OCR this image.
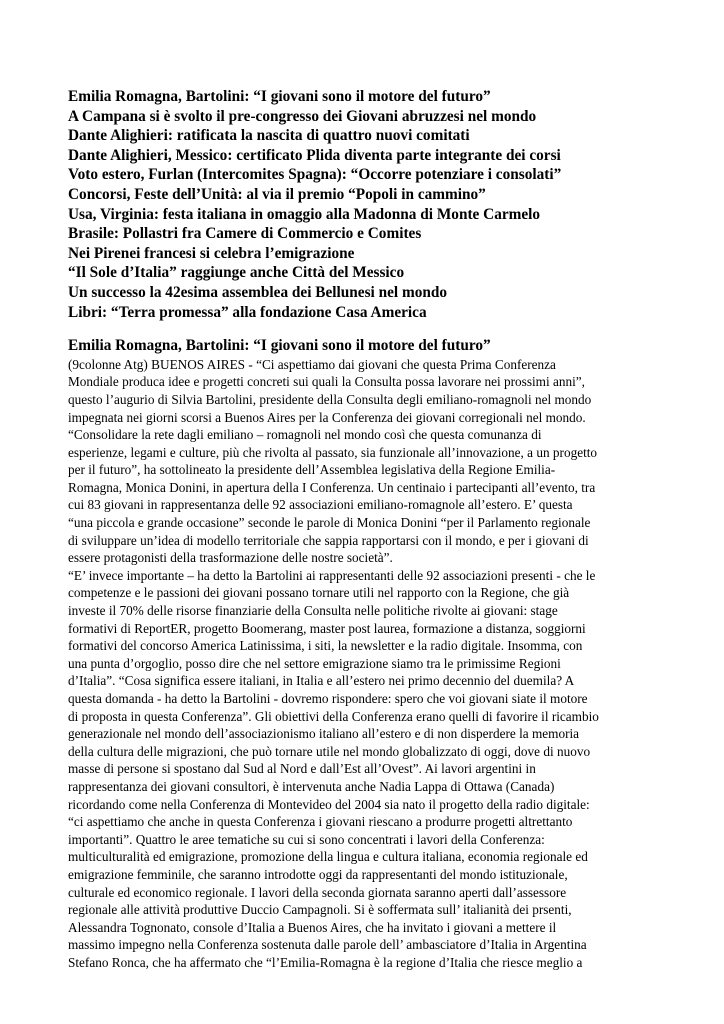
Emilia Romagna, Bartolini: “I giovani sono il motore del futuro”
A Campana si è svolto il pre-congresso dei Giovani abruzzesi nel mondo
Dante Alighieri: ratificata la nascita di quattro nuovi comitati
Dante Alighieri, Messico: certificato Plida diventa parte integrante dei corsi
Voto estero, Furlan (Intercomites Spagna): “Occorre potenziare i consolati”
Concorsi, Feste dell’Unità: al via il premio “Popoli in cammino”
Usa, Virginia: festa italiana in omaggio alla Madonna di Monte Carmelo
Brasile: Pollastri fra Camere di Commercio e Comites
Nei Pirenei francesi si celebra l’emigrazione
“Il Sole d’Italia” raggiunge anche Città del Messico
Un successo la 42esima assemblea dei Bellunesi nel mondo
Libri: “Terra promessa” alla fondazione Casa America
Emilia Romagna, Bartolini: “I giovani sono il motore del futuro”

(9colonne Atg) BUENOS AIRES - “Ci aspettiamo dai giovani che questa Prima Conferenza
Mondiale produca idee e progetti concreti sui quali la Consulta possa lavorare nei prossimi anni”,
questo l’augurio di Silvia Bartolini, presidente della Consulta degli emiliano-romagnoli nel mondo
impegnata nei giorni scorsi a Buenos Aires per la Conferenza dei giovani corregionali nel mondo.
“Consolidare la rete dagli emiliano – romagnoli nel mondo così che questa comunanza di
esperienze, legami e culture, più che rivolta al passato, sia funzionale all’innovazione, a un progetto
per il futuro”, ha sottolineato la presidente dell’Assemblea legislativa della Regione Emilia-
Romagna, Monica Donini, in apertura della I Conferenza. Un centinaio i partecipanti all’evento, tra
cui 83 giovani in rappresentanza delle 92 associazioni emiliano-romagnole all’estero. E’ questa
“una piccola e grande occasione” seconde le parole di Monica Donini “per il Parlamento regionale
di sviluppare un’idea di modello territoriale che sappia rapportarsi con il mondo, e per i giovani di
essere protagonisti della trasformazione delle nostre società”.
“E’ invece importante – ha detto la Bartolini ai rappresentanti delle 92 associazioni presenti - che le
competenze e le passioni dei giovani possano tornare utili nel rapporto con la Regione, che già
investe il 70% delle risorse finanziarie della Consulta nelle politiche rivolte ai giovani: stage
formativi di ReportER, progetto Boomerang, master post laurea, formazione a distanza, soggiorni
formativi del concorso America Latinissima, i siti, la newsletter e la radio digitale. Insomma, con
una punta d’orgoglio, posso dire che nel settore emigrazione siamo tra le primissime Regioni
d’Italia”. “Cosa significa essere italiani, in Italia e all’estero nei primo decennio del duemila? A
questa domanda - ha detto la Bartolini - dovremo rispondere: spero che voi giovani siate il motore
di proposta in questa Conferenza”. Gli obiettivi della Conferenza erano quelli di favorire il ricambio
generazionale nel mondo dell’associazionismo italiano all’estero e di non disperdere la memoria
della cultura delle migrazioni, che può tornare utile nel mondo globalizzato di oggi, dove di nuovo
masse di persone si spostano dal Sud al Nord e dall’Est all’Ovest”. Ai lavori argentini in
rappresentanza dei giovani consultori, è intervenuta anche Nadia Lappa di Ottawa (Canada)
ricordando come nella Conferenza di Montevideo del 2004 sia nato il progetto della radio digitale:
“ci aspettiamo che anche in questa Conferenza i giovani riescano a produrre progetti altrettanto
importanti”. Quattro le aree tematiche su cui si sono concentrati i lavori della Conferenza:
multiculturalità ed emigrazione, promozione della lingua e cultura italiana, economia regionale ed
emigrazione femminile, che saranno introdotte oggi da rappresentanti del mondo istituzionale,
culturale ed economico regionale. I lavori della seconda giornata saranno aperti dall’assessore
regionale alle attività produttive Duccio Campagnoli. Si è soffermata sull’ italianità dei prsenti,
Alessandra Tognonato, console d’Italia a Buenos Aires, che ha invitato i giovani a mettere il
massimo impegno nella Conferenza sostenuta dalle parole dell’ ambasciatore d’Italia in Argentina
Stefano Ronca, che ha affermato che “l’Emilia-Romagna è la regione d’Italia che riesce meglio a
